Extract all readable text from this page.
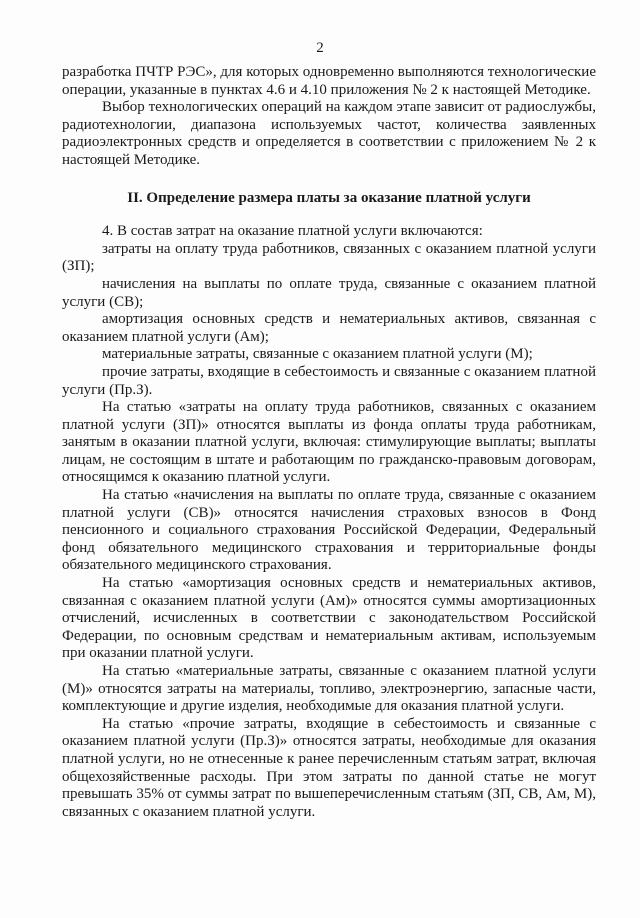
2

разработка ПЧТР РЭС», для которых одновременно выполняются технологические операции, указанные в пунктах 4.6 и 4.10 приложения № 2 к настоящей Методике.

Выбор технологических операций на каждом этапе зависит от радиослужбы, радиотехнологии, диапазона используемых частот, количества заявленных радиоэлектронных средств и определяется в соответствии с приложением № 2 к настоящей Методике.

II. Определение размера платы за оказание платной услуги

4. В состав затрат на оказание платной услуги включаются:

затраты на оплату труда работников, связанных с оказанием платной услуги (ЗП);

начисления на выплаты по оплате труда, связанные с оказанием платной услуги (СВ);

амортизация основных средств и нематериальных активов, связанная с оказанием платной услуги (Ам);

материальные затраты, связанные с оказанием платной услуги (М);

прочие затраты, входящие в себестоимость и связанные с оказанием платной услуги (Пр.З).

На статью «затраты на оплату труда работников, связанных с оказанием платной услуги (ЗП)» относятся выплаты из фонда оплаты труда работникам, занятым в оказании платной услуги, включая: стимулирующие выплаты; выплаты лицам, не состоящим в штате и работающим по гражданско-правовым договорам, относящимся к оказанию платной услуги.

На статью «начисления на выплаты по оплате труда, связанные с оказанием платной услуги (СВ)» относятся начисления страховых взносов в Фонд пенсионного и социального страхования Российской Федерации, Федеральный фонд обязательного медицинского страхования и территориальные фонды обязательного медицинского страхования.

На статью «амортизация основных средств и нематериальных активов, связанная с оказанием платной услуги (Ам)» относятся суммы амортизационных отчислений, исчисленных в соответствии с законодательством Российской Федерации, по основным средствам и нематериальным активам, используемым при оказании платной услуги.

На статью «материальные затраты, связанные с оказанием платной услуги (М)» относятся затраты на материалы, топливо, электроэнергию, запасные части, комплектующие и другие изделия, необходимые для оказания платной услуги.

На статью «прочие затраты, входящие в себестоимость и связанные с оказанием платной услуги (Пр.З)» относятся затраты, необходимые для оказания платной услуги, но не отнесенные к ранее перечисленным статьям затрат, включая общехозяйственные расходы. При этом затраты по данной статье не могут превышать 35% от суммы затрат по вышеперечисленным статьям (ЗП, СВ, Ам, М), связанных с оказанием платной услуги.
